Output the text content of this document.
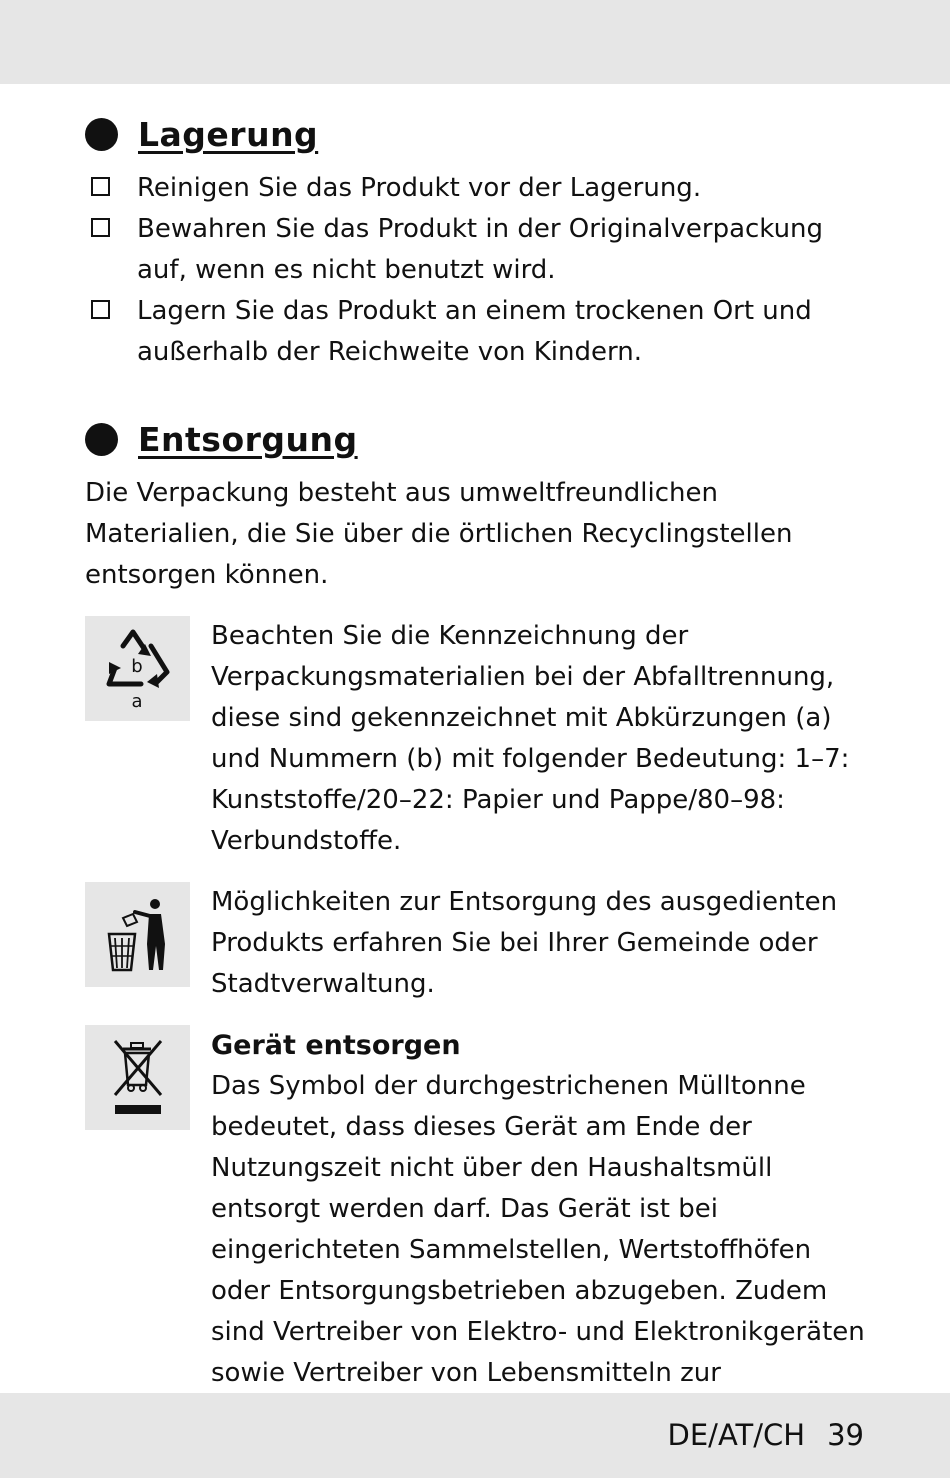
Lagerung
Reinigen Sie das Produkt vor der Lagerung.
Bewahren Sie das Produkt in der Originalverpackung auf, wenn es nicht benutzt wird.
Lagern Sie das Produkt an einem trockenen Ort und außerhalb der Reichweite von Kindern.
Entsorgung

Die Verpackung besteht aus umweltfreundlichen Materialien, die Sie über die örtlichen Recyclingstellen entsorgen können.

b
a

Beachten Sie die Kennzeichnung der Verpackungsmaterialien bei der Abfalltrennung, diese sind gekennzeichnet mit Abkürzungen (a) und Nummern (b) mit folgender Bedeutung: 1–7: Kunststoffe/20–22: Papier und Pappe/80–98: Verbundstoffe.

Möglichkeiten zur Entsorgung des ausgedienten Produkts erfahren Sie bei Ihrer Gemeinde oder Stadtverwaltung.

Gerät entsorgen

Das Symbol der durchgestrichenen Mülltonne bedeutet, dass dieses Gerät am Ende der Nutzungszeit nicht über den Haushaltsmüll entsorgt werden darf. Das Gerät ist bei eingerichteten Sammelstellen, Wertstoffhöfen oder Entsorgungsbetrieben abzugeben. Zudem sind Vertreiber von Elektro- und Elektronikgeräten sowie Vertreiber von Lebensmitteln zur

DE/AT/CH 39
